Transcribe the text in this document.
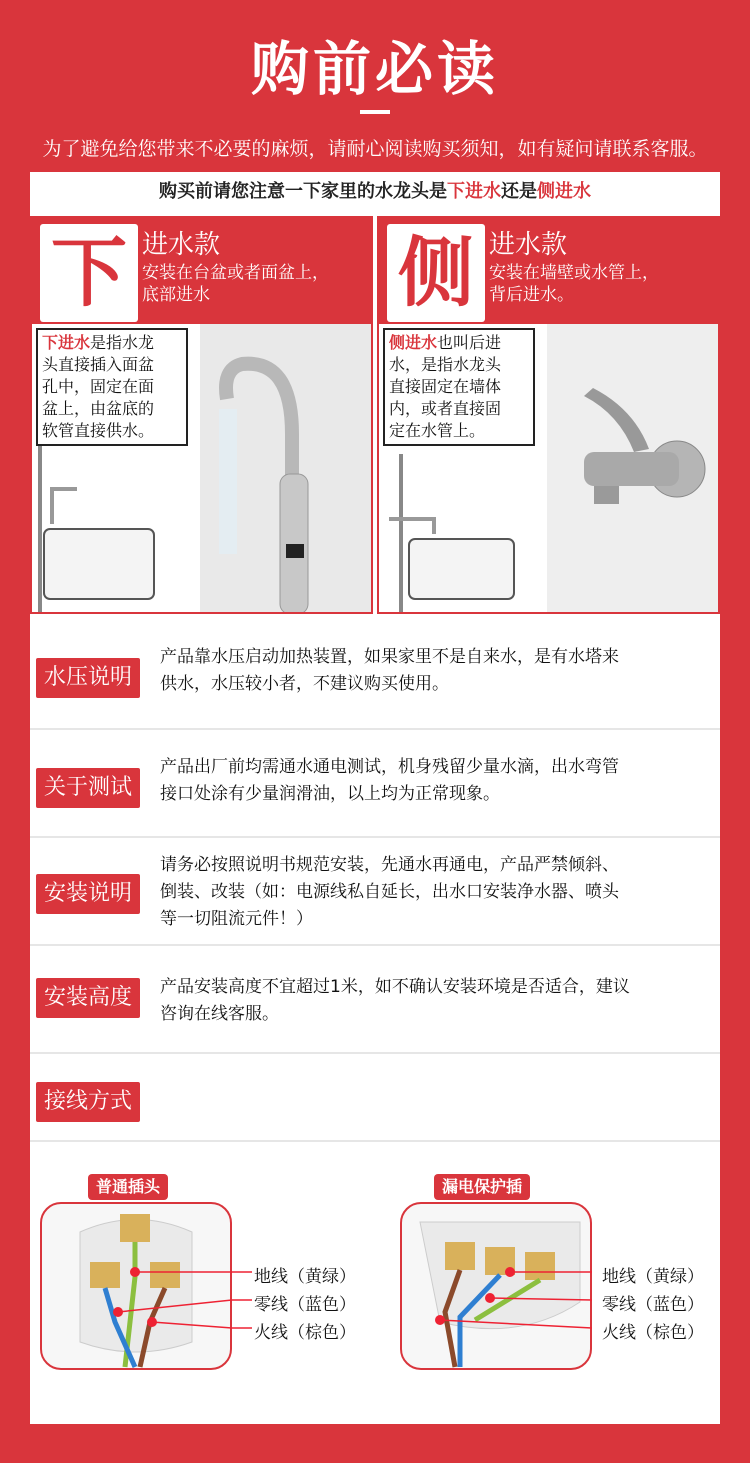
购前必读
为了避免给您带来不必要的麻烦，请耐心阅读购买须知，如有疑问请联系客服。
购买前请您注意一下家里的水龙头是下进水还是侧进水
下 进水款
安装在台盆或者面盆上，
底部进水
下进水是指水龙
头直接插入面盆
孔中，固定在面
盆上，由盆底的
软管直接供水。
侧 进水款
安装在墙壁或水管上，
背后进水。
侧进水也叫后进
水，是指水龙头
直接固定在墙体
内，或者直接固
定在水管上。
水压说明
产品靠水压启动加热装置，如果家里不是自来水，是有水塔来
供水，水压较小者，不建议购买使用。
关于测试
产品出厂前均需通水通电测试，机身残留少量水滴，出水弯管
接口处涂有少量润滑油，以上均为正常现象。
安装说明
请务必按照说明书规范安装，先通水再通电，产品严禁倾斜、
倒装、改装（如：电源线私自延长，出水口安装净水器、喷头
等一切阻流元件！）
安装高度	产品安装高度不宜超过1米，如不确认安装环境是否适合，建议
咨询在线客服。
接线方式
普通插头
地线（黄绿）
零线（蓝色）
火线（棕色）
漏电保护插
地线（黄绿）
零线（蓝色）
火线（棕色）
